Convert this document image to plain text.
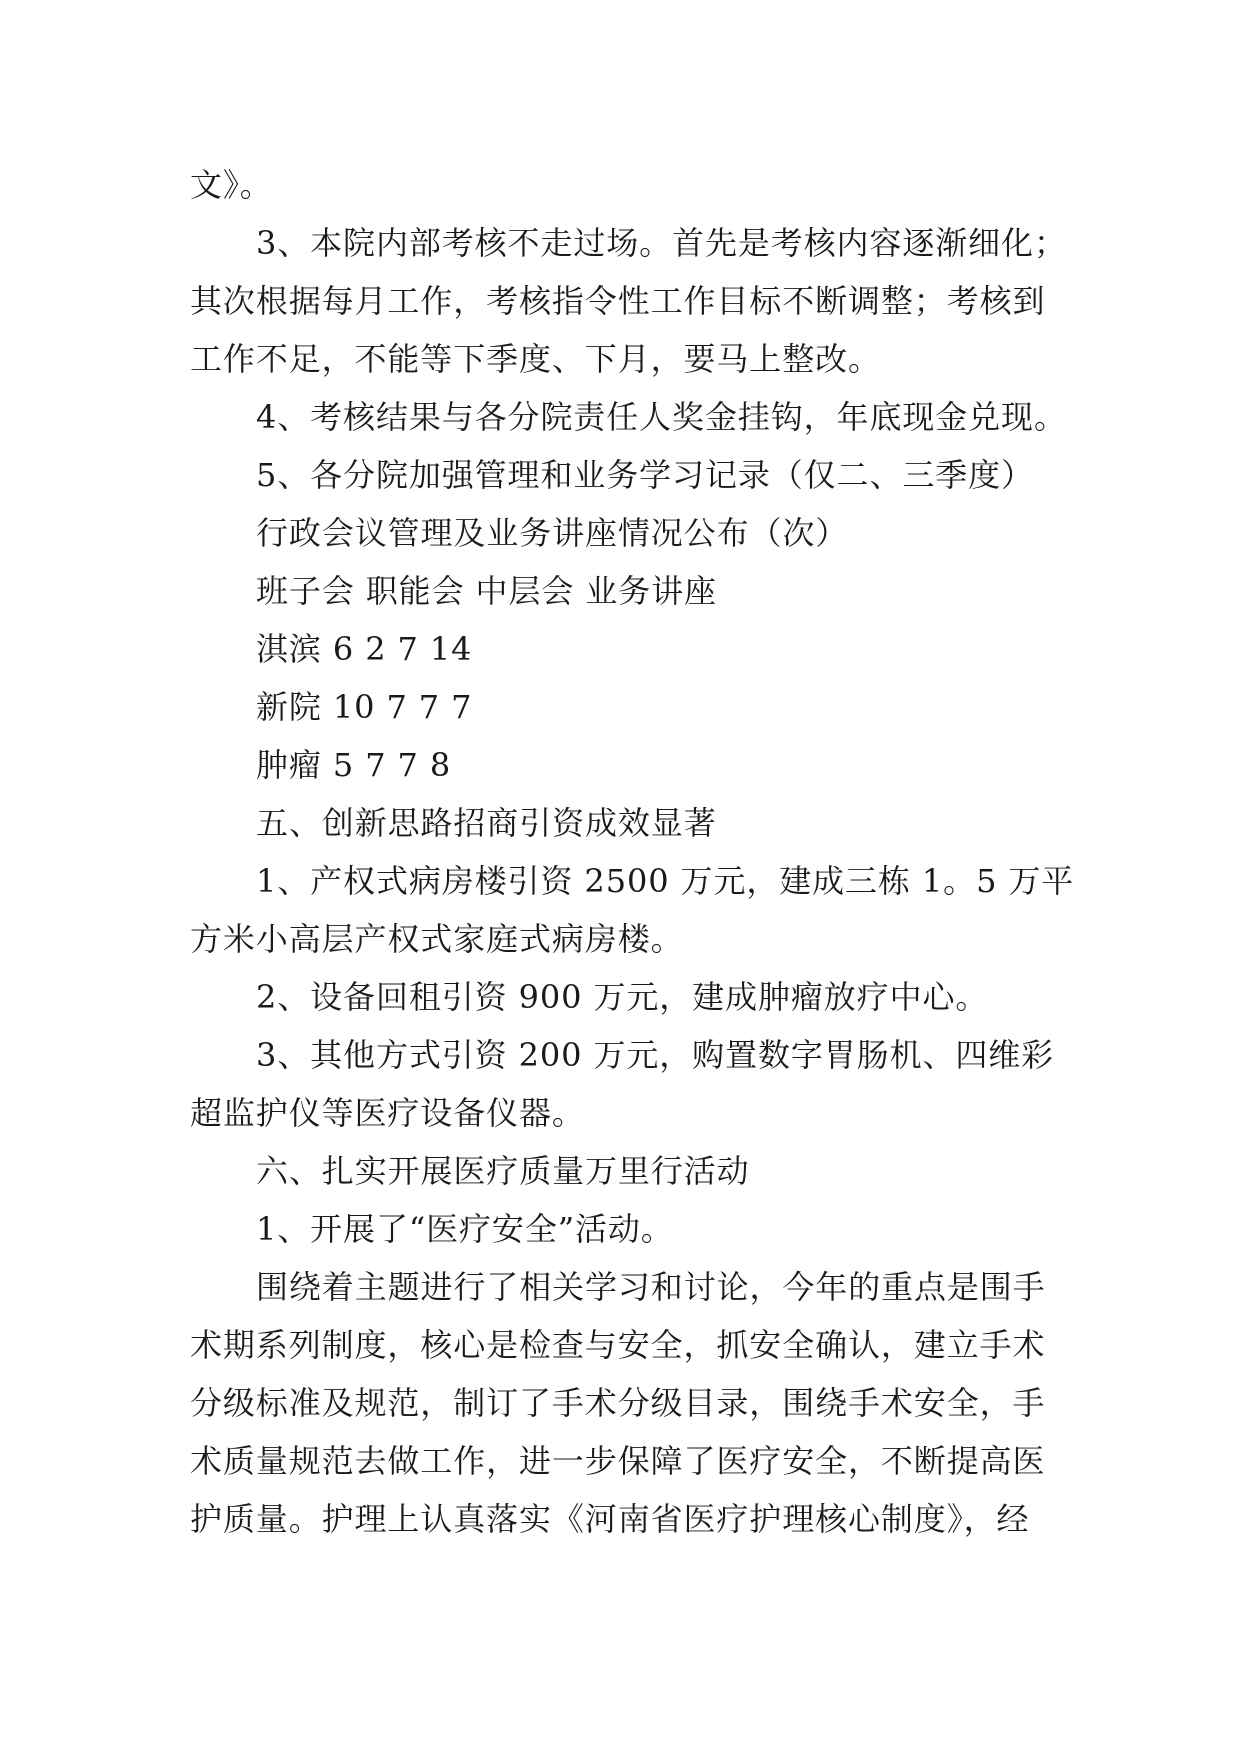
文》。

3、本院内部考核不走过场。首先是考核内容逐渐细化；

其次根据每月工作，考核指令性工作目标不断调整；考核到

工作不足，不能等下季度、下月，要马上整改。

4、考核结果与各分院责任人奖金挂钩，年底现金兑现。

5、各分院加强管理和业务学习记录（仅二、三季度）

行政会议管理及业务讲座情况公布（次）

班子会 职能会 中层会 业务讲座

淇滨 6 2 7 14

新院 10 7 7 7

肿瘤 5 7 7 8

五、创新思路招商引资成效显著

1、产权式病房楼引资 2500 万元，建成三栋 1。5 万平

方米小高层产权式家庭式病房楼。

2、设备回租引资 900 万元，建成肿瘤放疗中心。

3、其他方式引资 200 万元，购置数字胃肠机、四维彩

超监护仪等医疗设备仪器。

六、扎实开展医疗质量万里行活动

1、开展了“医疗安全”活动。

围绕着主题进行了相关学习和讨论，今年的重点是围手

术期系列制度，核心是检查与安全，抓安全确认，建立手术

分级标准及规范，制订了手术分级目录，围绕手术安全，手

术质量规范去做工作，进一步保障了医疗安全，不断提高医

护质量。护理上认真落实《河南省医疗护理核心制度》，经
